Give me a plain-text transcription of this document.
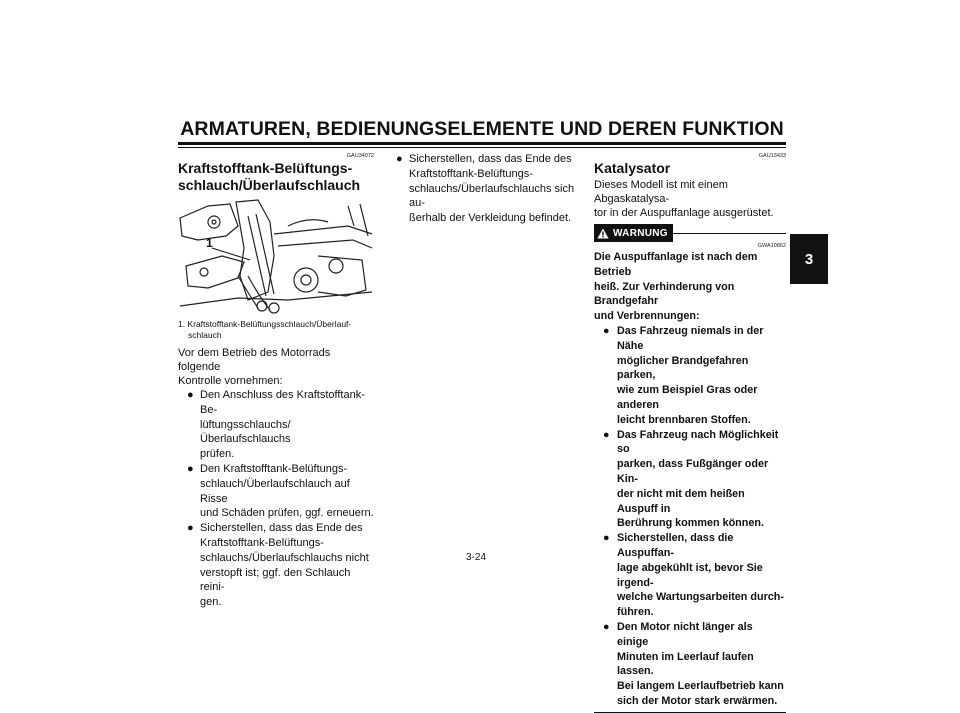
ARMATUREN, BEDIENUNGSELEMENTE UND DEREN FUNKTION
3
GAU34072
Kraftstofftank-Belüftungs-
schlauch/Überlaufschlauch
1
1. Kraftstofftank-Belüftungsschlauch/Überlauf-
schlauch
Vor dem Betrieb des Motorrads folgende
Kontrolle vornehmen:
● Den Anschluss des Kraftstofftank-Be-
lüftungsschlauchs/Überlaufschlauchs
prüfen.
● Den Kraftstofftank-Belüftungs-
schlauch/Überlaufschlauch auf Risse
und Schäden prüfen, ggf. erneuern.
● Sicherstellen, dass das Ende des
Kraftstofftank-Belüftungs-
schlauchs/Überlaufschlauchs nicht
verstopft ist; ggf. den Schlauch reini-
gen.
● Sicherstellen, dass das Ende des
Kraftstofftank-Belüftungs-
schlauchs/Überlaufschlauchs sich au-
ßerhalb der Verkleidung befindet.
GAU13433
Katalysator
Dieses Modell ist mit einem Abgaskatalysa-
tor in der Auspuffanlage ausgerüstet.
WARNUNG
GWA10862
Die Auspuffanlage ist nach dem Betrieb
heiß. Zur Verhinderung von Brandgefahr
und Verbrennungen:
● Das Fahrzeug niemals in der Nähe
möglicher Brandgefahren parken,
wie zum Beispiel Gras oder anderen
leicht brennbaren Stoffen.
● Das Fahrzeug nach Möglichkeit so
parken, dass Fußgänger oder Kin-
der nicht mit dem heißen Auspuff in
Berührung kommen können.
● Sicherstellen, dass die Auspuffan-
lage abgekühlt ist, bevor Sie irgend-
welche Wartungsarbeiten durch-
führen.
● Den Motor nicht länger als einige
Minuten im Leerlauf laufen lassen.
Bei langem Leerlaufbetrieb kann
sich der Motor stark erwärmen.
3-24
